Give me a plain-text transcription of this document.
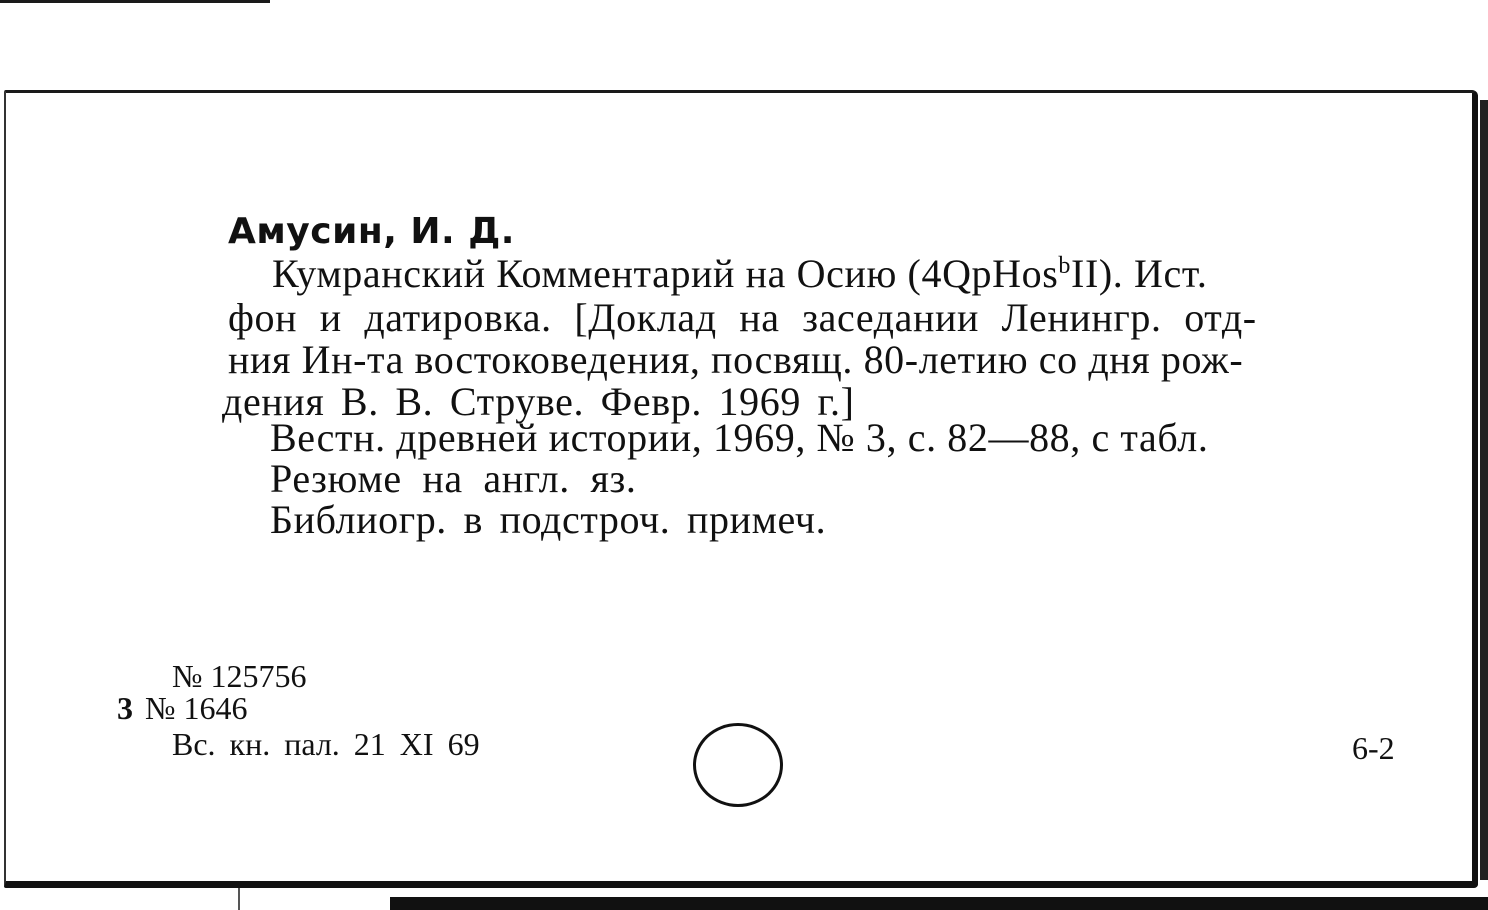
Амусин, И. Д.
Кумранский Комментарий на Осию (4QpHos$^b$II). Ист.
фон и датировка. [Доклад на заседании Ленингр. отд-
ния Ин-та востоковедения, посвящ. 80-летию со дня рож-
дения В. В. Струве. Февр. 1969 г.]
Вестн. древней истории, 1969, № 3, с. 82—88, с табл.
Резюме на англ. яз.
Библиогр. в подстроч. примеч.
№ 125756
3 № 1646
Вс. кн. пал. 21 XI 69	6-2
